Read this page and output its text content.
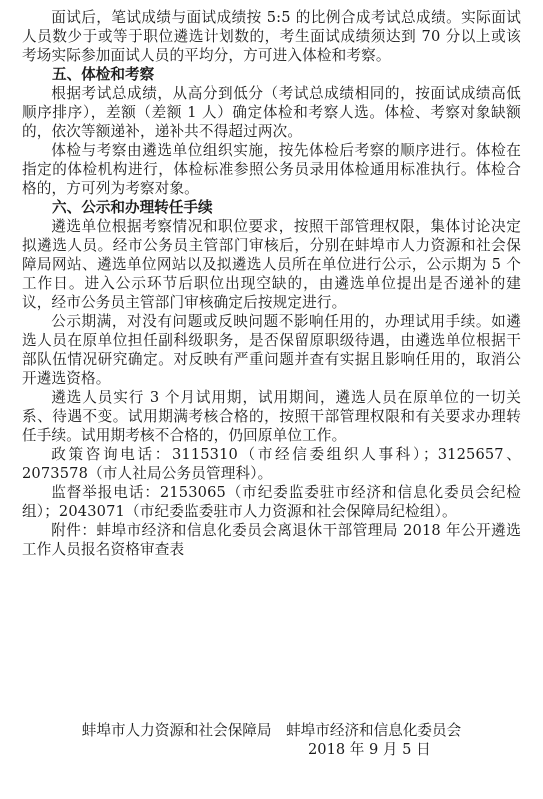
面试后，笔试成绩与面试成绩按 5:5 的比例合成考试总成绩。实际面试人员数少于或等于职位遴选计划数的，考生面试成绩须达到 70 分以上或该考场实际参加面试人员的平均分，方可进入体检和考察。

五、体检和考察

根据考试总成绩，从高分到低分（考试总成绩相同的，按面试成绩高低顺序排序），差额（差额 1 人）确定体检和考察人选。体检、考察对象缺额的，依次等额递补，递补共不得超过两次。

体检与考察由遴选单位组织实施，按先体检后考察的顺序进行。体检在指定的体检机构进行，体检标准参照公务员录用体检通用标准执行。体检合格的，方可列为考察对象。

六、公示和办理转任手续

遴选单位根据考察情况和职位要求，按照干部管理权限，集体讨论决定拟遴选人员。经市公务员主管部门审核后，分别在蚌埠市人力资源和社会保障局网站、遴选单位网站以及拟遴选人员所在单位进行公示，公示期为 5 个工作日。进入公示环节后职位出现空缺的，由遴选单位提出是否递补的建议，经市公务员主管部门审核确定后按规定进行。

公示期满，对没有问题或反映问题不影响任用的，办理试用手续。如遴选人员在原单位担任副科级职务，是否保留原职级待遇，由遴选单位根据干部队伍情况研究确定。对反映有严重问题并查有实据且影响任用的，取消公开遴选资格。

遴选人员实行 3 个月试用期，试用期间，遴选人员在原单位的一切关系、待遇不变。试用期满考核合格的，按照干部管理权限和有关要求办理转任手续。试用期考核不合格的，仍回原单位工作。

政策咨询电话：3115310（市经信委组织人事科）；3125657、2073578（市人社局公务员管理科）。

监督举报电话：2153065（市纪委监委驻市经济和信息化委员会纪检组）；2043071（市纪委监委驻市人力资源和社会保障局纪检组）。

附件：蚌埠市经济和信息化委员会离退休干部管理局 2018 年公开遴选工作人员报名资格审查表

蚌埠市人力资源和社会保障局　蚌埠市经济和信息化委员会

2018 年 9 月 5 日
